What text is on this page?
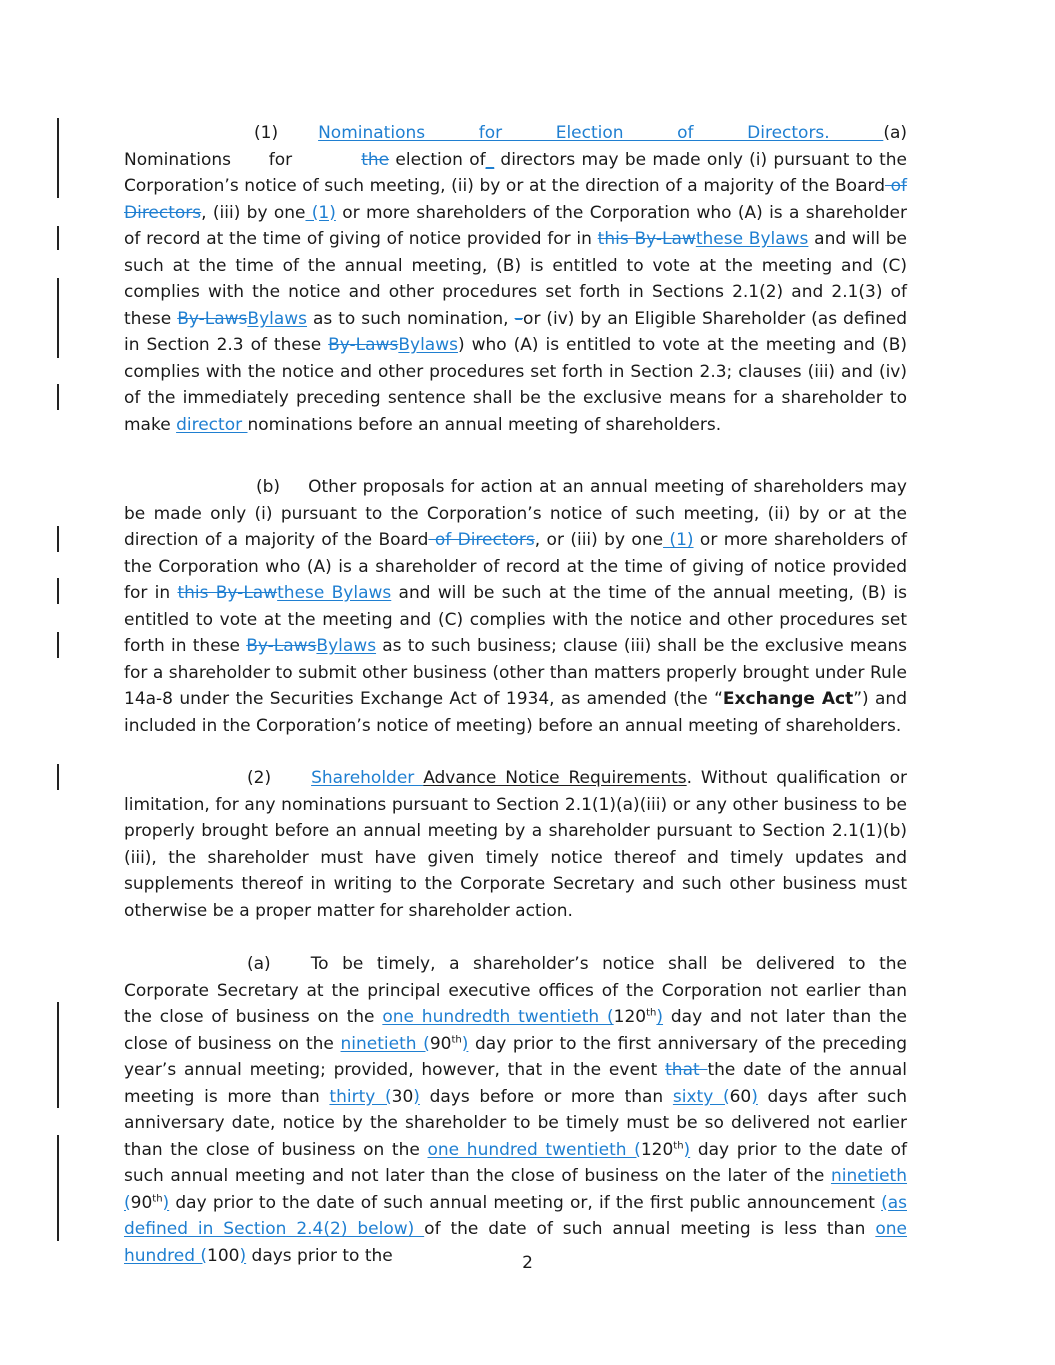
(1) Nominations for Election of Directors. (a) Nominations for	the election of_ directors may be made only (i) pursuant to the Corporation’s notice of such meeting, (ii) by or at the direction of a majority of the Board of Directors, (iii) by one (1) or more shareholders of the Corporation who (A) is a shareholder of record at the time of giving of notice provided for in this By-Lawthese Bylaws and will be such at the time of the annual meeting, (B) is entitled to vote at the meeting and (C) complies with the notice and other procedures set forth in Sections 2.1(2) and 2.1(3) of these By-LawsBylaws as to such nomination, –or (iv) by an Eligible Shareholder (as defined in Section 2.3 of these By-LawsBylaws) who (A) is entitled to vote at the meeting and (B) complies with the notice and other procedures set forth in Section 2.3; clauses (iii) and (iv) of the immediately preceding sentence shall be the exclusive means for a shareholder to make director nominations before an annual meeting of shareholders.

(b) Other proposals for action at an annual meeting of shareholders may be made only (i) pursuant to the Corporation’s notice of such meeting, (ii) by or at the direction of a majority of the Board of Directors, or (iii) by one (1) or more shareholders of the Corporation who (A) is a shareholder of record at the time of giving of notice provided for in this By-Lawthese Bylaws and will be such at the time of the annual meeting, (B) is entitled to vote at the meeting and (C) complies with the notice and other procedures set forth in these By-LawsBylaws as to such business; clause (iii) shall be the exclusive means for a shareholder to submit other business (other than matters properly brought under Rule 14a-8 under the Securities Exchange Act of 1934, as amended (the “Exchange Act”) and included in the Corporation’s notice of meeting) before an annual meeting of shareholders.

(2) Shareholder Advance Notice Requirements. Without qualification or limitation, for any nominations pursuant to Section 2.1(1)(a)(iii) or any other business to be properly brought before an annual meeting by a shareholder pursuant to Section 2.1(1)(b)(iii), the shareholder must have given timely notice thereof and timely updates and supplements thereof in writing to the Corporate Secretary and such other business must otherwise be a proper matter for shareholder action.

(a) To be timely, a shareholder’s notice shall be delivered to the Corporate Secretary at the principal executive offices of the Corporation not earlier than the close of business on the one hundredth twentieth (120th) day and not later than the close of business on the ninetieth (90th) day prior to the first anniversary of the preceding year’s annual meeting; provided, however, that in the event that the date of the annual meeting is more than thirty (30) days before or more than sixty (60) days after such anniversary date, notice by the shareholder to be timely must be so delivered not earlier than the close of business on the one hundred twentieth (120th) day prior to the date of such annual meeting and not later than the close of business on the later of the ninetieth (90th) day prior to the date of such annual meeting or, if the first public announcement (as defined in Section 2.4(2) below) of the date of such annual meeting is less than one hundred (100) days prior to the	2
